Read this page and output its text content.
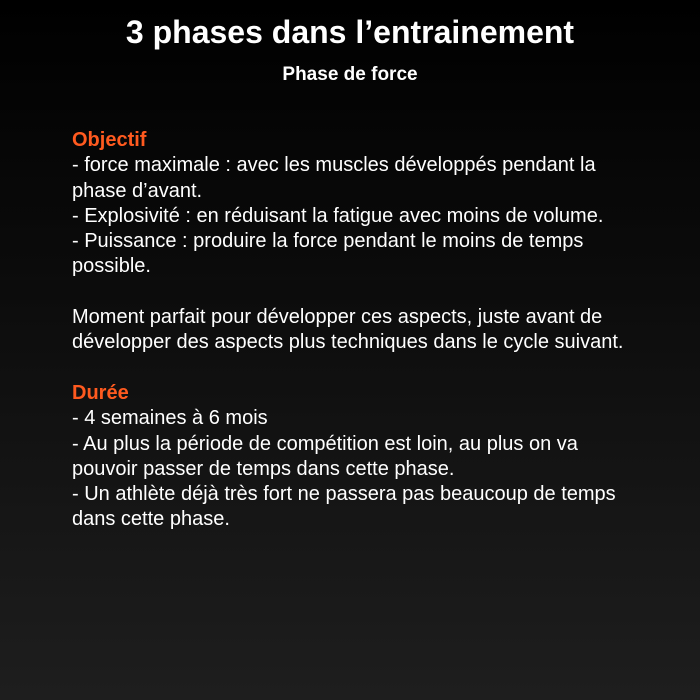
3 phases dans l’entrainement
Phase de force

Objectif

- force maximale : avec les muscles développés pendant la phase d’avant.

- Explosivité : en réduisant la fatigue avec moins de volume.

- Puissance : produire la force pendant le moins de temps possible.

Moment parfait pour développer ces aspects, juste avant de développer des aspects plus techniques dans le cycle suivant.

Durée

- 4 semaines à 6 mois

- Au plus la période de compétition est loin, au plus on va pouvoir passer de temps dans cette phase.

- Un athlète déjà très fort ne passera pas beaucoup de temps dans cette phase.
